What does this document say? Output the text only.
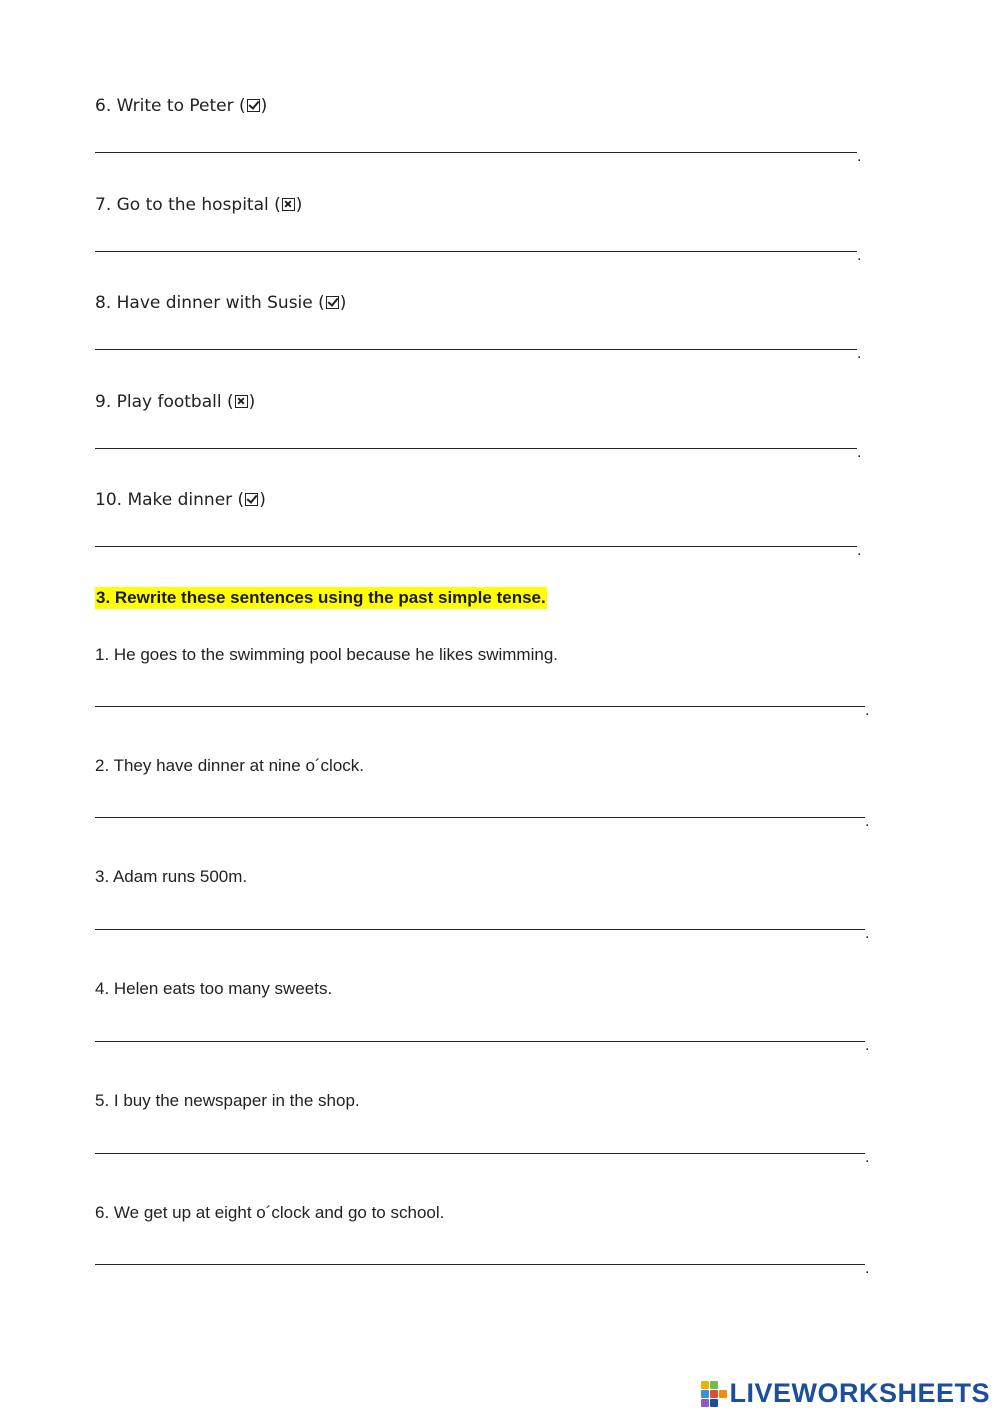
6. Write to Peter ( )
.
7. Go to the hospital ( )
.
8. Have dinner with Susie ( )
.
9. Play football ( )
.
10. Make dinner ( )
.
3. Rewrite these sentences using the past simple tense.
1. He goes to the swimming pool because he likes swimming.
.
2. They have dinner at nine o´clock.
.
3. Adam runs 500m.
.
4. Helen eats too many sweets.
.
5. I buy the newspaper in the shop.
.
6. We get up at eight o´clock and go to school.
.
LIVEWORKSHEETS
